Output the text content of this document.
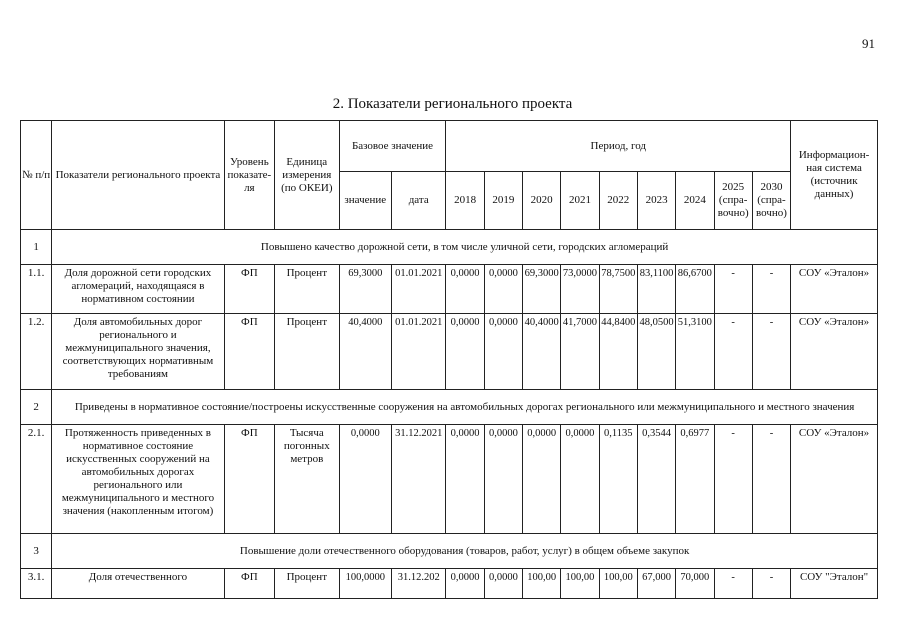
91
2. Показатели регионального проекта
№ п/п	Показатели регионального проекта	Уровень показате-ля	Единица измерения (по ОКЕИ)	Базовое значение		Период, год									Информацион-ная система (источник данных)
				значение	дата	2018	2019	2020	2021	2022	2023	2024	2025 (спра-вочно)	2030 (спра-вочно)	
1	Повышено качество дорожной сети, в том числе уличной сети, городских агломераций														
1.1.	Доля дорожной сети городских агломераций, находящаяся в нормативном состоянии	ФП	Процент	69,3000	01.01.2021	0,0000	0,0000	69,3000	73,0000	78,7500	83,1100	86,6700	-	-	СОУ «Эталон»
1.2.	Доля автомобильных дорог регионального и межмуниципального значения, соответствующих нормативным требованиям	ФП	Процент	40,4000	01.01.2021	0,0000	0,0000	40,4000	41,7000	44,8400	48,0500	51,3100	-	-	СОУ «Эталон»
2	Приведены в нормативное состояние/построены искусственные сооружения на автомобильных дорогах регионального или межмуниципального и местного значения														
2.1.	Протяженность приведенных в нормативное состояние искусственных сооружений на автомобильных дорогах регионального или межмуниципального и местного значения (накопленным итогом)	ФП	Тысяча погонных метров	0,0000	31.12.2021	0,0000	0,0000	0,0000	0,0000	0,1135	0,3544	0,6977	-	-	СОУ «Эталон»
3	Повышение доли отечественного оборудования (товаров, работ, услуг) в общем объеме закупок														
3.1.	Доля отечественного	ФП	Процент	100,0000	31.12.202	0,0000	0,0000	100,00	100,00	100,00	67,000	70,000	-	-	СОУ "Эталон"
